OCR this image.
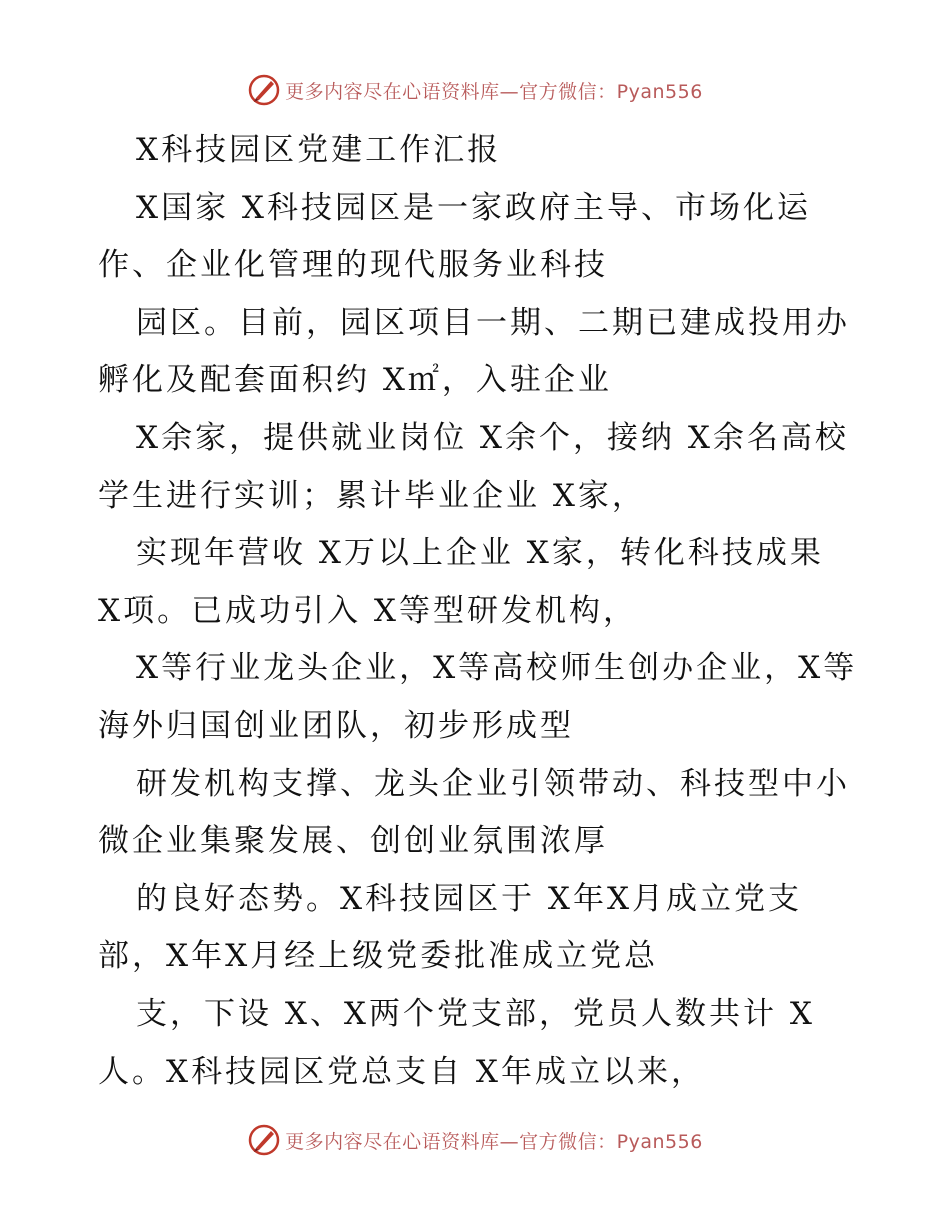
更多内容尽在心语资料库—官方微信：Pyan556
X科技园区党建工作汇报
X国家 X科技园区是一家政府主导、市场化运
作、企业化管理的现代服务业科技
园区。目前，园区项目一期、二期已建成投用办
孵化及配套面积约 X㎡，入驻企业
X余家，提供就业岗位 X余个，接纳 X余名高校
学生进行实训；累计毕业企业 X家，
实现年营收 X万以上企业 X家，转化科技成果
X项。已成功引入 X等型研发机构，
X等行业龙头企业，X等高校师生创办企业，X等
海外归国创业团队，初步形成型
研发机构支撑、龙头企业引领带动、科技型中小
微企业集聚发展、创创业氛围浓厚
的良好态势。X科技园区于 X年X月成立党支
部，X年X月经上级党委批准成立党总
支，下设 X、X两个党支部，党员人数共计 X
人。X科技园区党总支自 X年成立以来，
更多内容尽在心语资料库—官方微信：Pyan556
